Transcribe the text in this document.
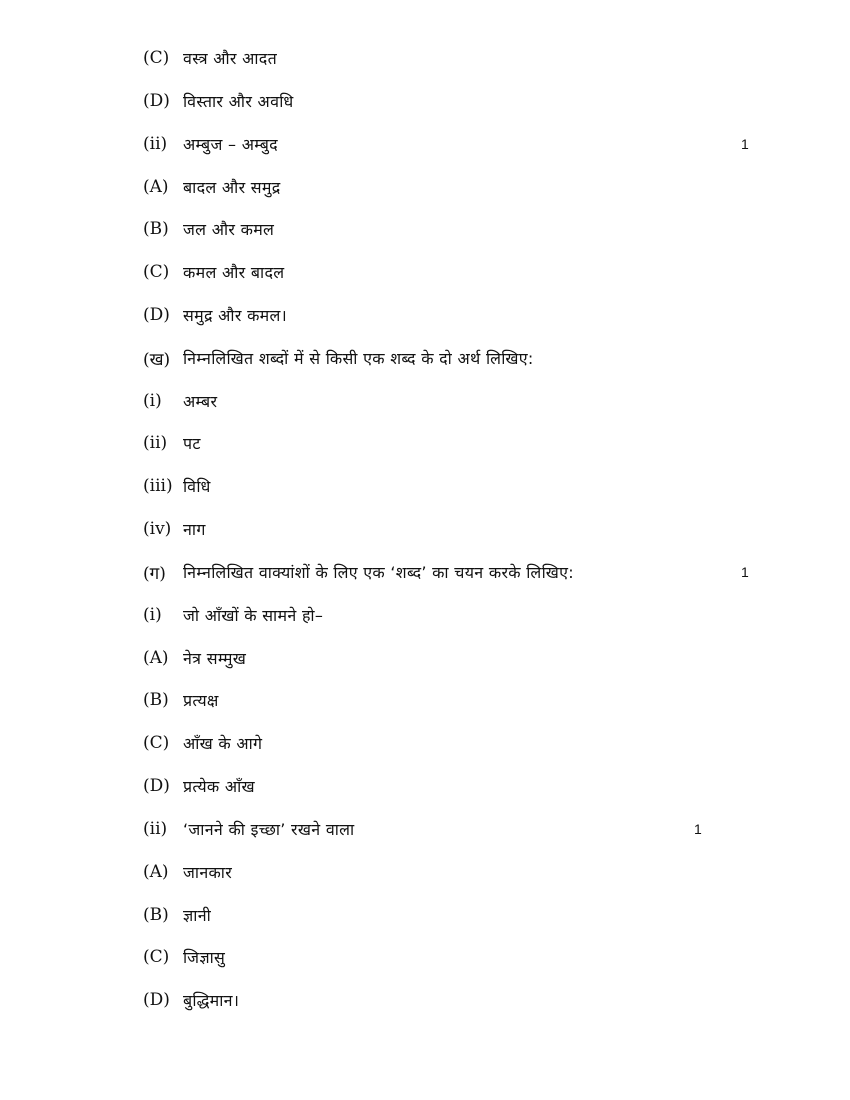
(C) वस्त्र और आदत
(D) विस्तार और अवधि
(ii) अम्बुज – अम्बुद	1
(A) बादल और समुद्र
(B) जल और कमल
(C) कमल और बादल
(D) समुद्र और कमल।
(ख) निम्नलिखित शब्दों में से किसी एक शब्द के दो अर्थ लिखिए:
(i)	अम्बर
(ii) पट
(iii) विधि
(iv) नाग
(ग)	निम्नलिखित वाक्यांशों के लिए एक ‘शब्द’ का चयन करके लिखिए:	1
(i)	जो आँखों के सामने हो–
(A) नेत्र सम्मुख
(B) प्रत्यक्ष
(C) आँख के आगे
(D) प्रत्येक आँख
(ii) ‘जानने की इच्छा’ रखने वाला	1
(A) जानकार
(B) ज्ञानी
(C) जिज्ञासु
(D) बुद्धिमान।
